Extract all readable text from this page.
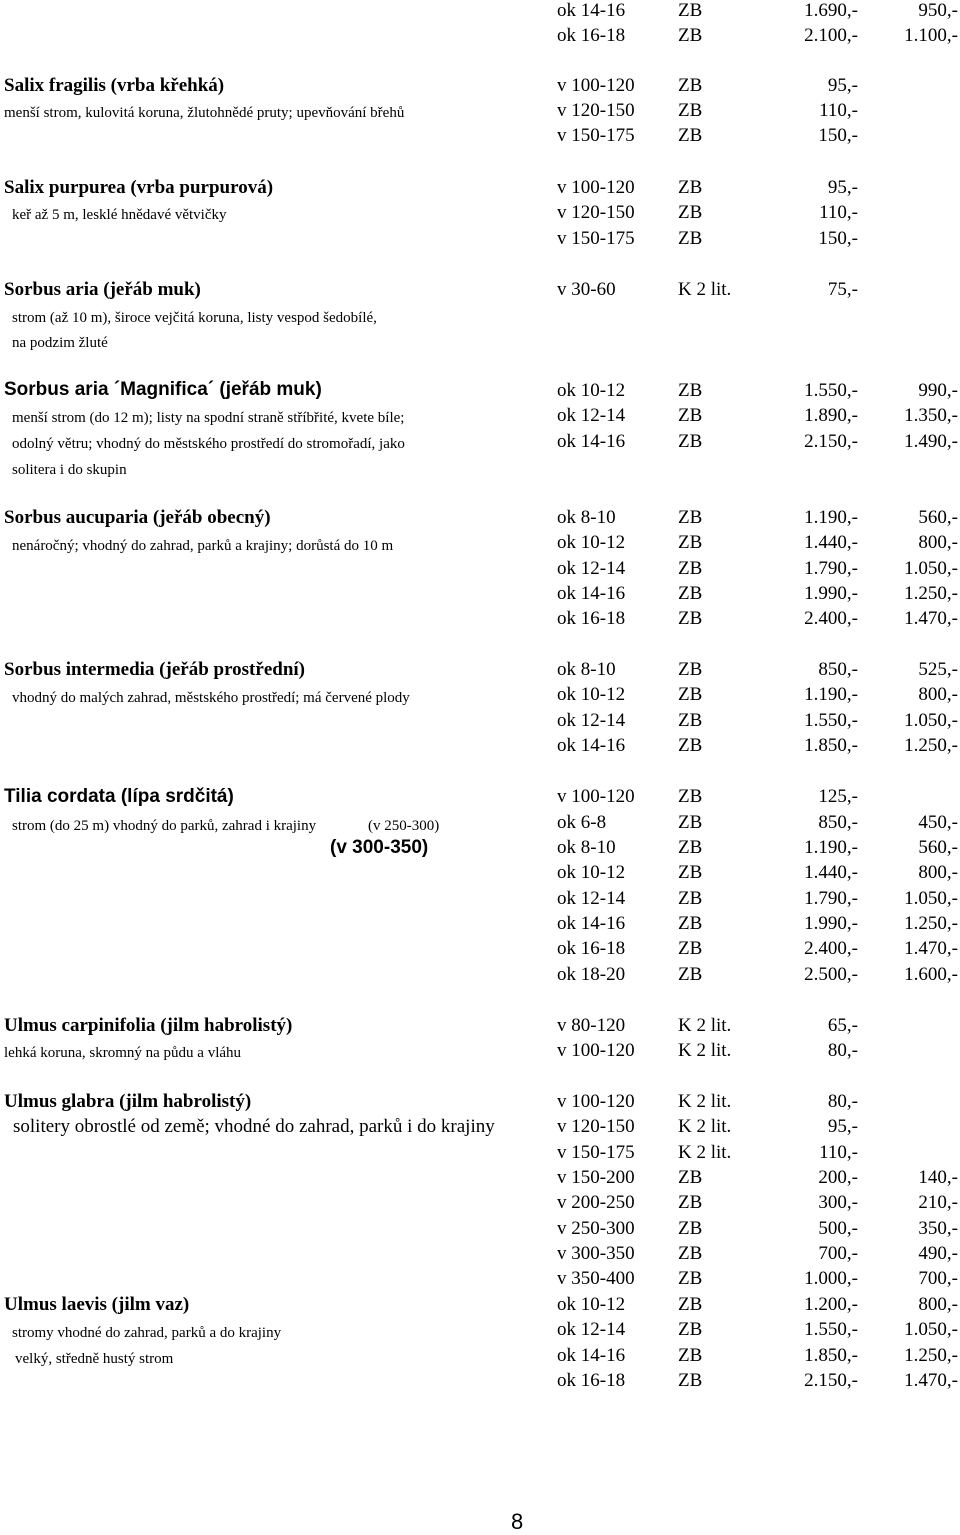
ok 14-16	ZB	1.690,-	950,-
ok 16-18	ZB	2.100,- 1.100,-
Salix fragilis (vrba křehká)
menší strom, kulovitá koruna, žlutohnědé pruty; upevňování břehů
v 100-120 ZB	95,-
v 120-150 ZB	110,-
v 150-175 ZB	150,-
Salix purpurea (vrba purpurová)
keř až 5 m, lesklé hnědavé větvičky
v 100-120 ZB	95,-
v 120-150 ZB	110,-
v 150-175 ZB	150,-
Sorbus aria (jeřáb muk)
strom (až 10 m), široce vejčitá koruna, listy vespod šedobílé,
na podzim žluté
v 30-60	K 2 lit.	75,-
Sorbus aria ´Magnifica´ (jeřáb muk)
menší strom (do 12 m); listy na spodní straně stříbřité, kvete bíle;
odolný větru; vhodný do městského prostředí do stromořadí, jako
solitera i do skupin
ok 10-12	ZB	1.550,-	990,-
ok 12-14	ZB	1.890,- 1.350,-
ok 14-16	ZB	2.150,- 1.490,-
Sorbus aucuparia (jeřáb obecný)
nenáročný; vhodný do zahrad, parků a krajiny; dorůstá do 10 m
ok 8-10	ZB	1.190,-	560,-
ok 10-12	ZB	1.440,-	800,-
ok 12-14	ZB	1.790,- 1.050,-
ok 14-16	ZB	1.990,- 1.250,-
ok 16-18	ZB	2.400,- 1.470,-
Sorbus intermedia (jeřáb prostřední)
vhodný do malých zahrad, městského prostředí; má červené plody
ok 8-10	ZB	850,-	525,-
ok 10-12	ZB	1.190,-	800,-
ok 12-14	ZB	1.550,- 1.050,-
ok 14-16	ZB	1.850,- 1.250,-
Tilia cordata (lípa srdčitá)
strom (do 25 m) vhodný do parků, zahrad i krajiny	(v 250-300)
(v 300-350)
v 100-120 ZB	125,-
ok 6-8	ZB	850,-	450,-
ok 8-10	ZB	1.190,-	560,-
ok 10-12	ZB	1.440,-	800,-
ok 12-14	ZB	1.790,- 1.050,-
ok 14-16	ZB	1.990,- 1.250,-
ok 16-18	ZB	2.400,- 1.470,-
ok 18-20	ZB	2.500,- 1.600,-
Ulmus carpinifolia (jilm habrolistý)
lehká koruna, skromný na půdu a vláhu
v 80-120	K 2 lit.	65,-
v 100-120 K 2 lit.	80,-
Ulmus glabra (jilm habrolistý)
solitery obrostlé od země; vhodné do zahrad, parků i do krajiny
v 100-120 K 2 lit.	80,-
v 120-150 K 2 lit.	95,-
v 150-175 K 2 lit.	110,-
v 150-200 ZB	200,-	140,-
v 200-250 ZB	300,-	210,-
v 250-300 ZB	500,-	350,-
v 300-350 ZB	700,-	490,-
v 350-400 ZB	1.000,-	700,-
Ulmus laevis (jilm vaz)
stromy vhodné do zahrad, parků a do krajiny
velký, středně hustý strom
ok 10-12	ZB	1.200,-	800,-
ok 12-14	ZB	1.550,- 1.050,-
ok 14-16	ZB	1.850,- 1.250,-
ok 16-18	ZB	2.150,- 1.470,-
8
